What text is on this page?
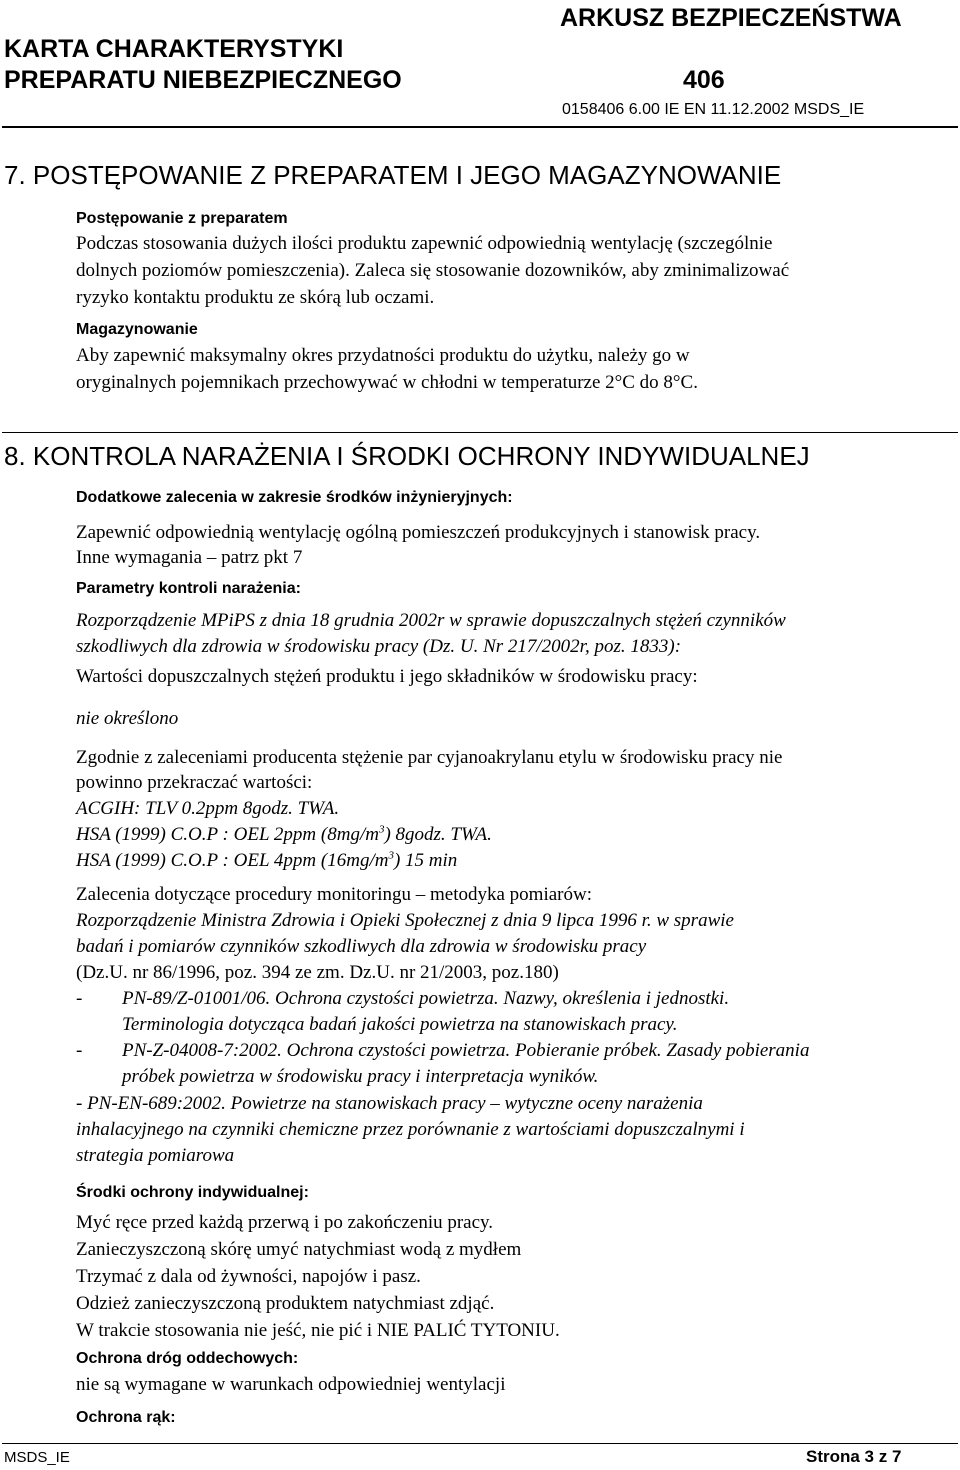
KARTA CHARAKTERYSTYKI
PREPARATU NIEBEZPIECZNEGO
ARKUSZ BEZPIECZEŃSTWA
406
0158406 6.00 IE EN 11.12.2002 MSDS_IE
7. POSTĘPOWANIE Z PREPARATEM I JEGO MAGAZYNOWANIE
Postępowanie z preparatem
Podczas stosowania dużych ilości produktu zapewnić odpowiednią wentylację (szczególnie
dolnych poziomów pomieszczenia). Zaleca się stosowanie dozowników, aby zminimalizować
ryzyko kontaktu produktu ze skórą lub oczami.
Magazynowanie
Aby zapewnić maksymalny okres przydatności produktu do użytku, należy go w
oryginalnych pojemnikach przechowywać w chłodni w temperaturze 2°C do 8°C.
8. KONTROLA NARAŻENIA I ŚRODKI OCHRONY INDYWIDUALNEJ
Dodatkowe zalecenia w zakresie środków inżynieryjnych:
Zapewnić odpowiednią wentylację ogólną pomieszczeń produkcyjnych i stanowisk pracy.
Inne wymagania – patrz pkt 7
Parametry kontroli narażenia:
Rozporządzenie MPiPS z dnia 18 grudnia 2002r w sprawie dopuszczalnych stężeń czynników
szkodliwych dla zdrowia w środowisku pracy (Dz. U. Nr 217/2002r, poz. 1833):
Wartości dopuszczalnych stężeń produktu i jego składników w środowisku pracy:
nie określono
Zgodnie z zaleceniami producenta stężenie par cyjanoakrylanu etylu w środowisku pracy nie
powinno przekraczać wartości:
ACGIH: TLV 0.2ppm 8godz. TWA.
HSA (1999) C.O.P : OEL 2ppm $(8mg/m^3)$ 8godz. TWA.
HSA (1999) C.O.P : OEL 4ppm $(16mg/m^3)$ 15 min
Zalecenia dotyczące procedury monitoringu – metodyka pomiarów:
Rozporządzenie Ministra Zdrowia i Opieki Społecznej z dnia 9 lipca 1996 r. w sprawie
badań i pomiarów czynników szkodliwych dla zdrowia w środowisku pracy
(Dz.U. nr 86/1996, poz. 394 ze zm. Dz.U. nr 21/2003, poz.180)
- PN-89/Z-01001/06. Ochrona czystości powietrza. Nazwy, określenia i jednostki.
Terminologia dotycząca badań jakości powietrza na stanowiskach pracy.
- PN-Z-04008-7:2002. Ochrona czystości powietrza. Pobieranie próbek. Zasady pobierania
próbek powietrza w środowisku pracy i interpretacja wyników.
- PN-EN-689:2002. Powietrze na stanowiskach pracy – wytyczne oceny narażenia
inhalacyjnego na czynniki chemiczne przez porównanie z wartościami dopuszczalnymi i
strategia pomiarowa
Środki ochrony indywidualnej:
Myć ręce przed każdą przerwą i po zakończeniu pracy.
Zanieczyszczoną skórę umyć natychmiast wodą z mydłem
Trzymać z dala od żywności, napojów i pasz.
Odzież zanieczyszczoną produktem natychmiast zdjąć.
W trakcie stosowania nie jeść, nie pić i NIE PALIĆ TYTONIU.
Ochrona dróg oddechowych:
nie są wymagane w warunkach odpowiedniej wentylacji
Ochrona rąk:
MSDS_IE	Strona 3 z 7
